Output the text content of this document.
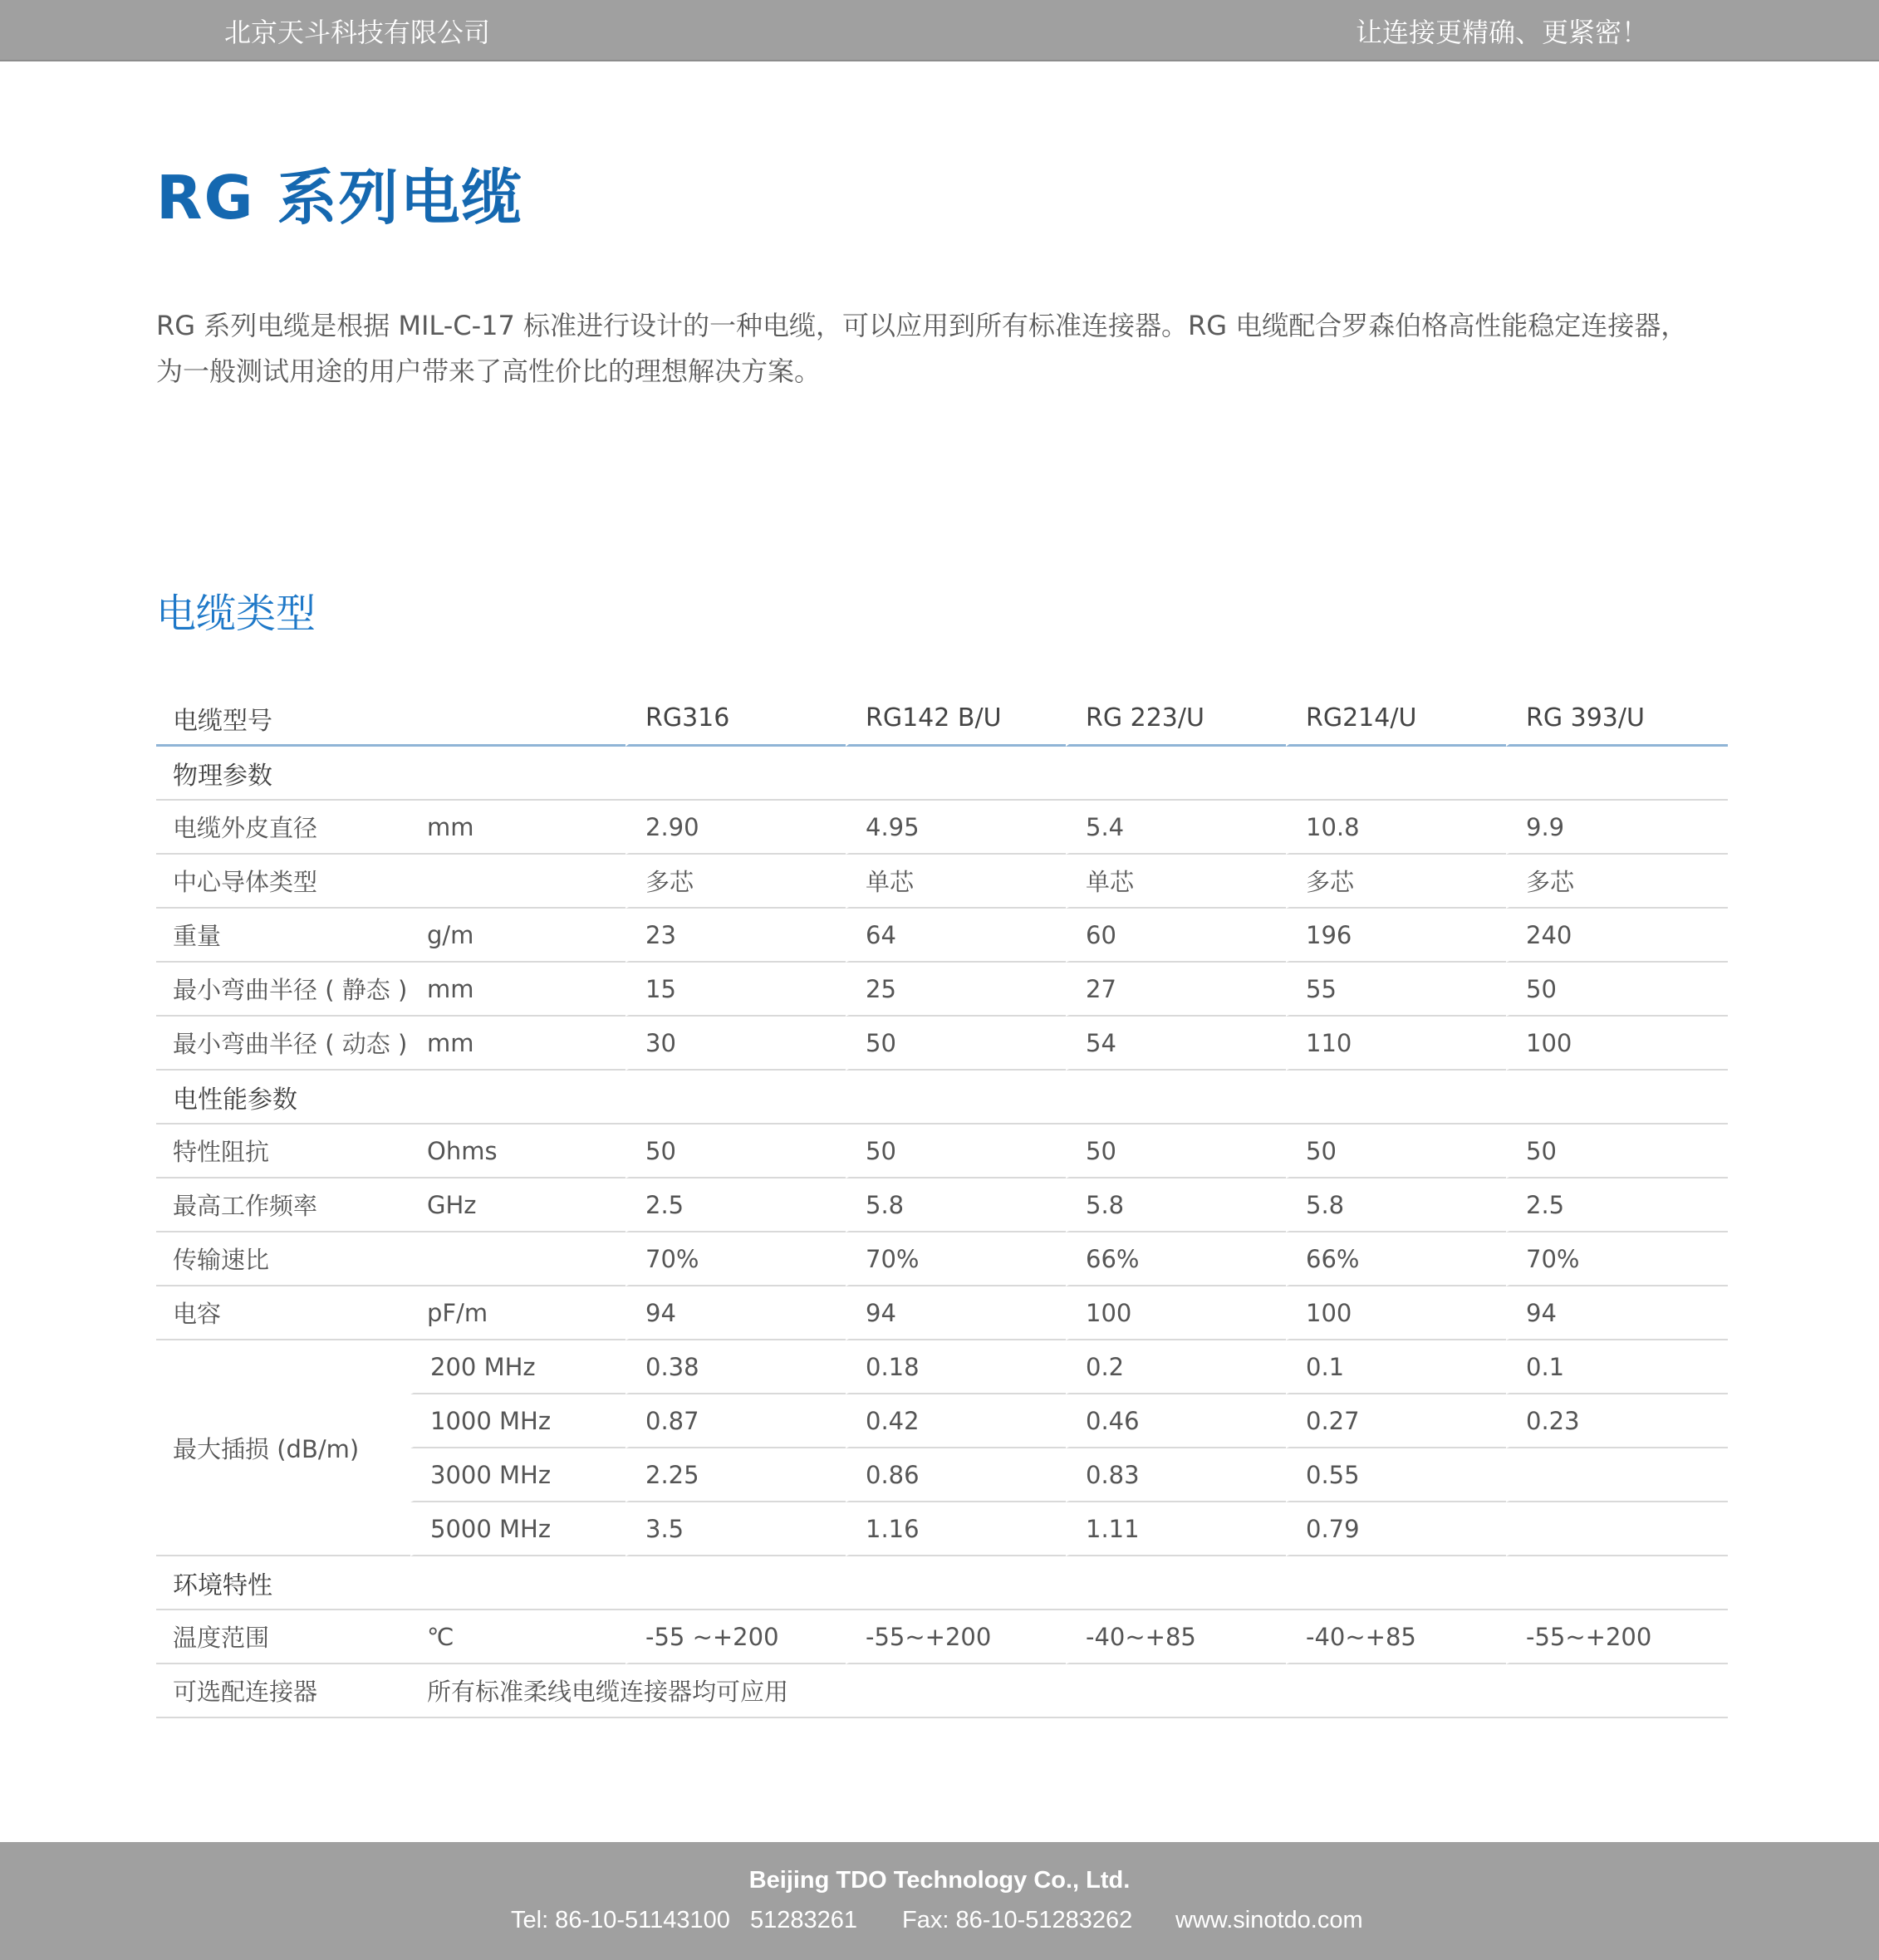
北京天斗科技有限公司	让连接更精确、更紧密！
RG 系列电缆

RG 系列电缆是根据 MIL-C-17 标准进行设计的一种电缆，可以应用到所有标准连接器。RG 电缆配合罗森伯格高性能稳定连接器，

为一般测试用途的用户带来了高性价比的理想解决方案。

电缆类型
电缆型号		RG316	RG142 B/U	RG 223/U	RG214/U	RG 393/U
物理参数						
电缆外皮直径	mm	2.90	4.95	5.4	10.8	9.9
中心导体类型		多芯	单芯	单芯	多芯	多芯
重量	g/m	23	64	60	196	240
最小弯曲半径 ( 静态 )	mm	15	25	27	55	50
最小弯曲半径 ( 动态 )	mm	30	50	54	110	100
电性能参数						
特性阻抗	Ohms	50	50	50	50	50
最高工作频率	GHz	2.5	5.8	5.8	5.8	2.5
传输速比		70%	70%	66%	66%	70%
电容	pF/m	94	94	100	100	94
最大插损 (dB/m)	200 MHz	0.38	0.18	0.2	0.1	0.1
	1000 MHz	0.87	0.42	0.46	0.27	0.23
	3000 MHz	2.25	0.86	0.83	0.55	
	5000 MHz	3.5	1.16	1.11	0.79	
环境特性						
温度范围	℃	-55 ~+200	-55~+200	-40~+85	-40~+85	-55~+200
可选配连接器	所有标准柔线电缆连接器均可应用					
Beijing TDO Technology Co., Ltd.
Tel: 86-10-51143100 51283261 Fax: 86-10-51283262 www.sinotdo.com
